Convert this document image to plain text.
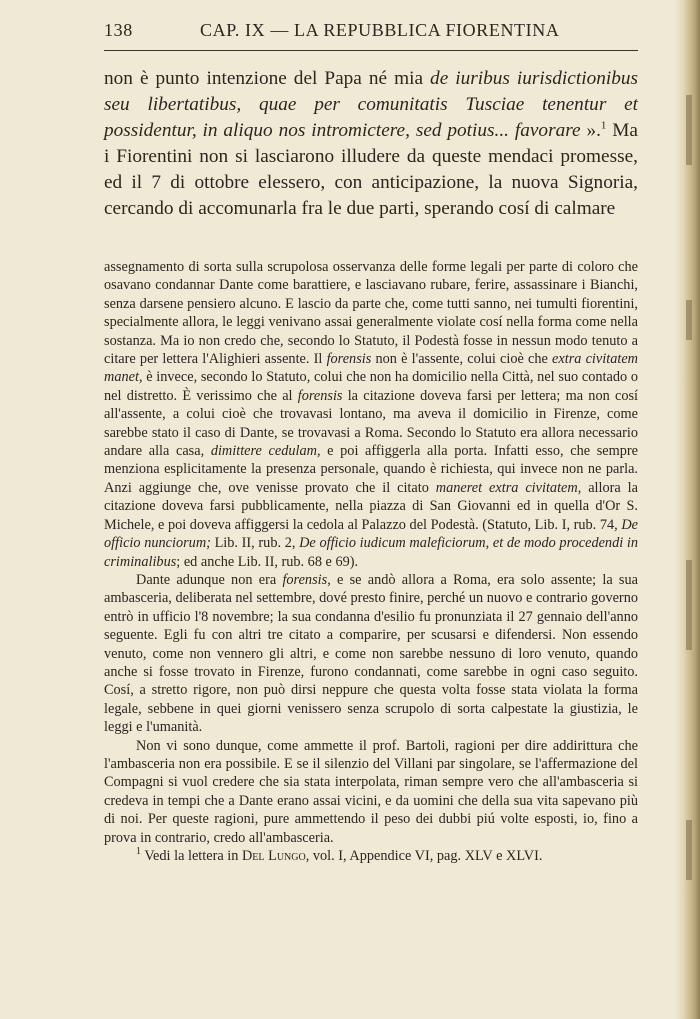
138	CAP. IX — LA REPUBBLICA FIORENTINA

non è punto intenzione del Papa né mia de iuribus iurisdictionibus seu libertatibus, quae per comunitatis Tusciae tenentur et possidentur, in aliquo nos intromictere, sed potius... favorare ».$^1$ Ma i Fiorentini non si lasciarono illudere da queste mendaci promesse, ed il 7 di ottobre elessero, con anticipazione, la nuova Signoria, cercando di accomunarla fra le due parti, sperando cosí di calmare

assegnamento di sorta sulla scrupolosa osservanza delle forme legali per parte di coloro che osavano condannar Dante come barattiere, e lasciavano rubare, ferire, assassinare i Bianchi, senza darsene pensiero alcuno. E lascio da parte che, come tutti sanno, nei tumulti fiorentini, specialmente allora, le leggi venivano assai generalmente violate cosí nella forma come nella sostanza. Ma io non credo che, secondo lo Statuto, il Podestà fosse in nessun modo tenuto a citare per lettera l'Alighieri assente. Il forensis non è l'assente, colui cioè che extra civitatem manet, è invece, secondo lo Statuto, colui che non ha domicilio nella Città, nel suo contado o nel distretto. È verissimo che al forensis la citazione doveva farsi per lettera; ma non cosí all'assente, a colui cioè che trovavasi lontano, ma aveva il domicilio in Firenze, come sarebbe stato il caso di Dante, se trovavasi a Roma. Secondo lo Statuto era allora necessario andare alla casa, dimittere cedulam, e poi affiggerla alla porta. Infatti esso, che sempre menziona esplicitamente la presenza personale, quando è richiesta, qui invece non ne parla. Anzi aggiunge che, ove venisse provato che il citato maneret extra civitatem, allora la citazione doveva farsi pubblicamente, nella piazza di San Giovanni ed in quella d'Or S. Michele, e poi doveva affiggersi la cedola al Palazzo del Podestà. (Statuto, Lib. I, rub. 74, De officio nunciorum; Lib. II, rub. 2, De officio iudicum maleficiorum, et de modo procedendi in criminalibus; ed anche Lib. II, rub. 68 e 69).

Dante adunque non era forensis, e se andò allora a Roma, era solo assente; la sua ambasceria, deliberata nel settembre, dové presto finire, perché un nuovo e contrario governo entrò in ufficio l'8 novembre; la sua condanna d'esilio fu pronunziata il 27 gennaio dell'anno seguente. Egli fu con altri tre citato a comparire, per scusarsi e difendersi. Non essendo venuto, come non vennero gli altri, e come non sarebbe nessuno di loro venuto, quando anche si fosse trovato in Firenze, furono condannati, come sarebbe in ogni caso seguito. Cosí, a stretto rigore, non può dirsi neppure che questa volta fosse stata violata la forma legale, sebbene in quei giorni venissero senza scrupolo di sorta calpestate la giustizia, le leggi e l'umanità.

Non vi sono dunque, come ammette il prof. Bartoli, ragioni per dire addirittura che l'ambasceria non era possibile. E se il silenzio del Villani par singolare, se l'affermazione del Compagni si vuol credere che sia stata interpolata, riman sempre vero che all'ambasceria si credeva in tempi che a Dante erano assai vicini, e da uomini che della sua vita sapevano più di noi. Per queste ragioni, pure ammettendo il peso dei dubbi piú volte esposti, io, fino a prova in contrario, credo all'ambasceria.

$^1$ Vedi la lettera in Del Lungo, vol. I, Appendice VI, pag. XLV e XLVI.
